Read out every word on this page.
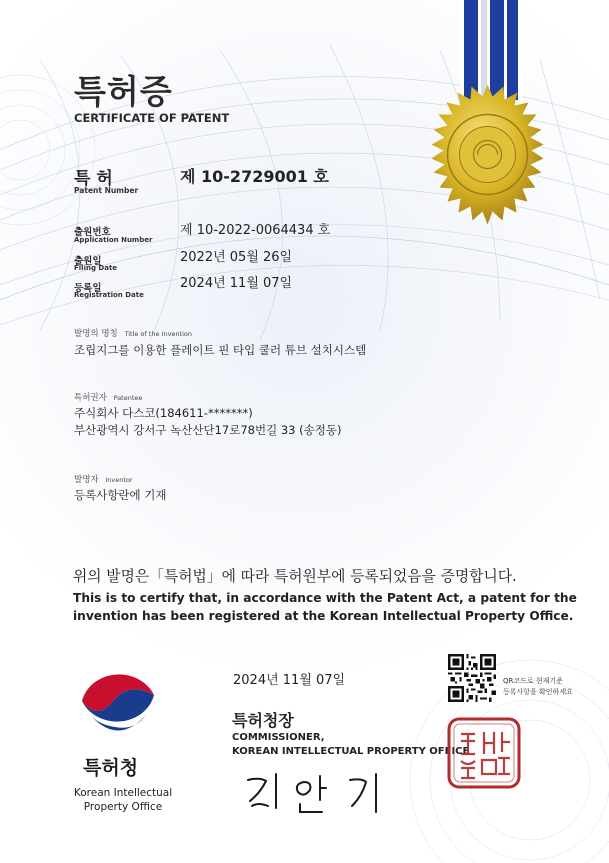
특허증
CERTIFICATE OF PATENT
특 허
Patent Number
제 10-2729001 호
출원번호
Application Number
제 10-2022-0064434 호
출원일
Filing Date
2022년 05월 26일
등록일
Registration Date
2024년 11월 07일
발명의 명칭 Title of the Invention
조립지그를 이용한 플레이트 핀 타입 쿨러 튜브 설치시스템
특허권자 Patentee
주식회사 다스코(184611-*******)
부산광역시 강서구 녹산산단17로78번길 33 (송정동)
발명자 Inventor
등록사항란에 기재
위의 발명은「특허법」에 따라 특허원부에 등록되었음을 증명합니다.
This is to certify that, in accordance with the Patent Act, a patent for the
invention has been registered at the Korean Intellectual Property Office.
2024년 11월 07일	QR코드로 현재기준
등록사항을 확인하세요
특허청
Korean Intellectual
Property Office
특허청장
COMMISSIONER,
KOREAN INTELLECTUAL PROPERTY OFFICE
